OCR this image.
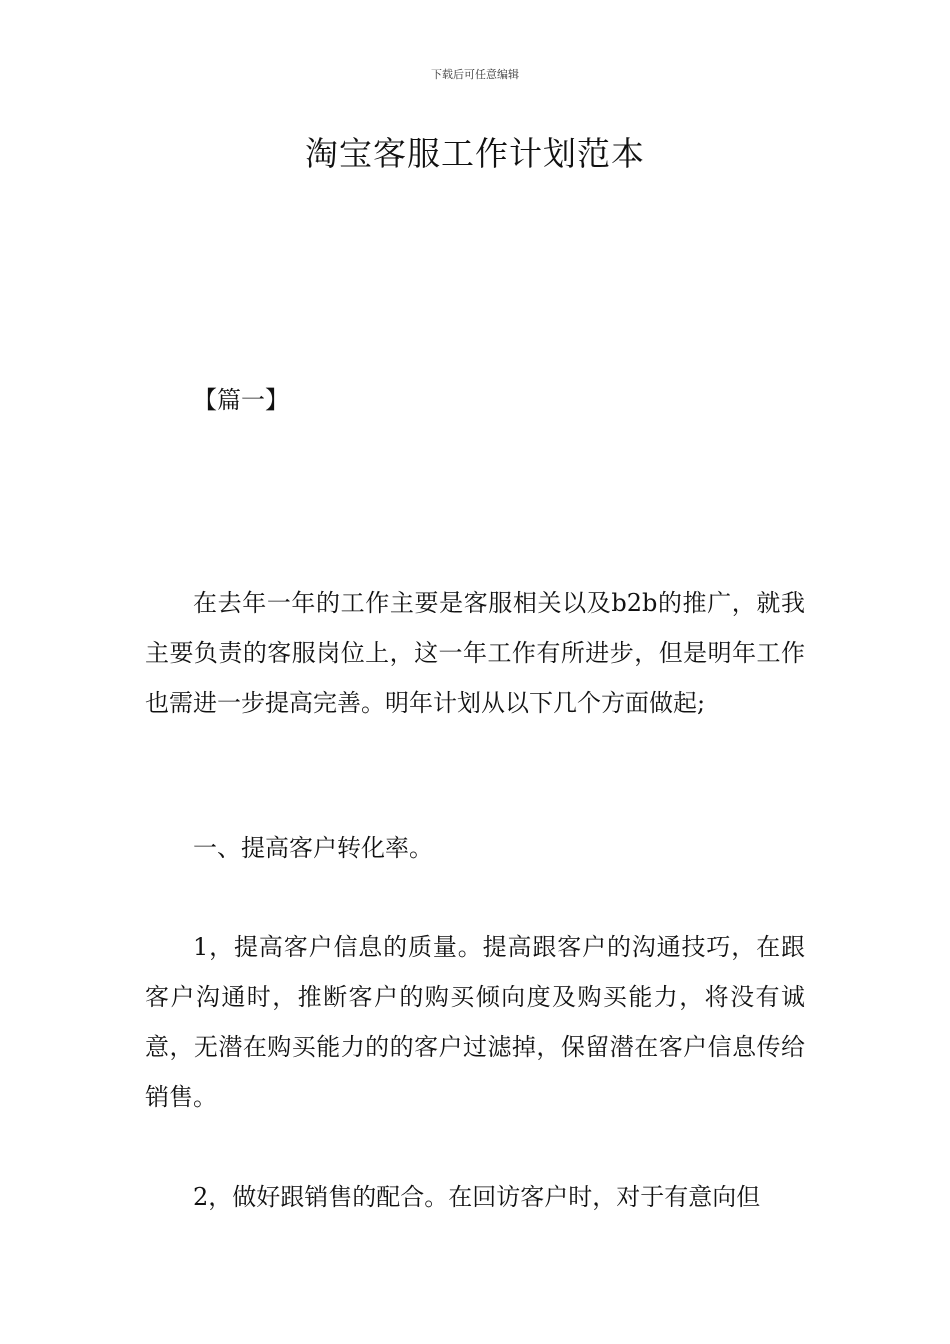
下载后可任意编辑
淘宝客服工作计划范本
【篇一】

在去年一年的工作主要是客服相关以及b2b的推广，就我主要负责的客服岗位上，这一年工作有所进步，但是明年工作也需进一步提高完善。明年计划从以下几个方面做起;

一、提高客户转化率。

1，提高客户信息的质量。提高跟客户的沟通技巧，在跟客户沟通时，推断客户的购买倾向度及购买能力，将没有诚意，无潜在购买能力的的客户过滤掉，保留潜在客户信息传给销售。

2，做好跟销售的配合。在回访客户时，对于有意向但
